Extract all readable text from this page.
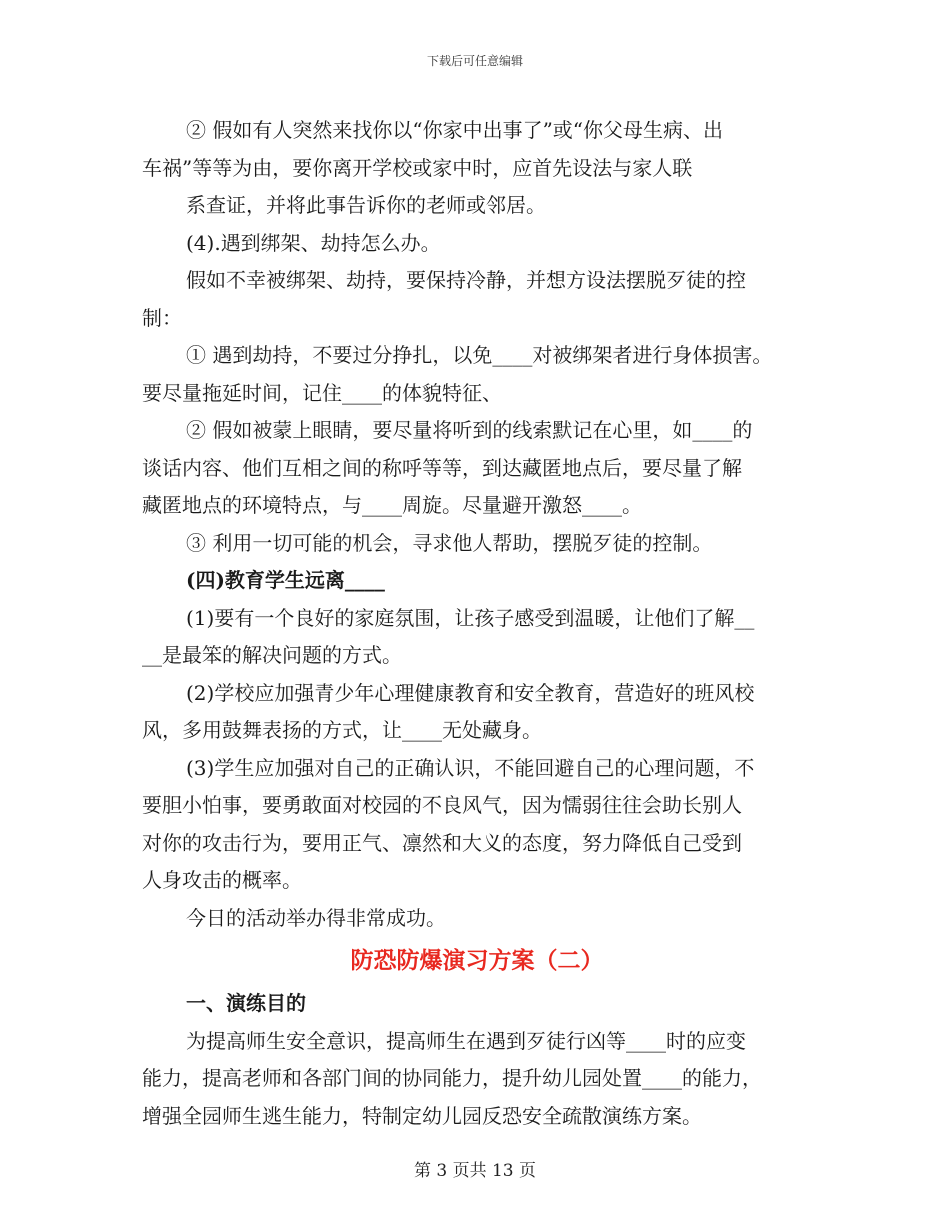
下载后可任意编辑

② 假如有人突然来找你以“你家中出事了”或“你父母生病、出

车祸”等等为由，要你离开学校或家中时，应首先设法与家人联

系查证，并将此事告诉你的老师或邻居。

(4).遇到绑架、劫持怎么办。

假如不幸被绑架、劫持，要保持冷静，并想方设法摆脱歹徒的控

制：

① 遇到劫持，不要过分挣扎，以免____对被绑架者进行身体损害。

要尽量拖延时间，记住____的体貌特征、

② 假如被蒙上眼睛，要尽量将听到的线索默记在心里，如____的

谈话内容、他们互相之间的称呼等等，到达藏匿地点后，要尽量了解

藏匿地点的环境特点，与____周旋。尽量避开激怒____。

③ 利用一切可能的机会，寻求他人帮助，摆脱歹徒的控制。

(四)教育学生远离____

(1)要有一个良好的家庭氛围，让孩子感受到温暖，让他们了解__

__是最笨的解决问题的方式。

(2)学校应加强青少年心理健康教育和安全教育，营造好的班风校

风，多用鼓舞表扬的方式，让____无处藏身。

(3)学生应加强对自己的正确认识，不能回避自己的心理问题，不

要胆小怕事，要勇敢面对校园的不良风气，因为懦弱往往会助长别人

对你的攻击行为，要用正气、凛然和大义的态度，努力降低自己受到

人身攻击的概率。

今日的活动举办得非常成功。

防恐防爆演习方案（二）

一、演练目的

为提高师生安全意识，提高师生在遇到歹徒行凶等____时的应变

能力，提高老师和各部门间的协同能力，提升幼儿园处置____的能力，

增强全园师生逃生能力，特制定幼儿园反恐安全疏散演练方案。

第 3 页共 13 页
